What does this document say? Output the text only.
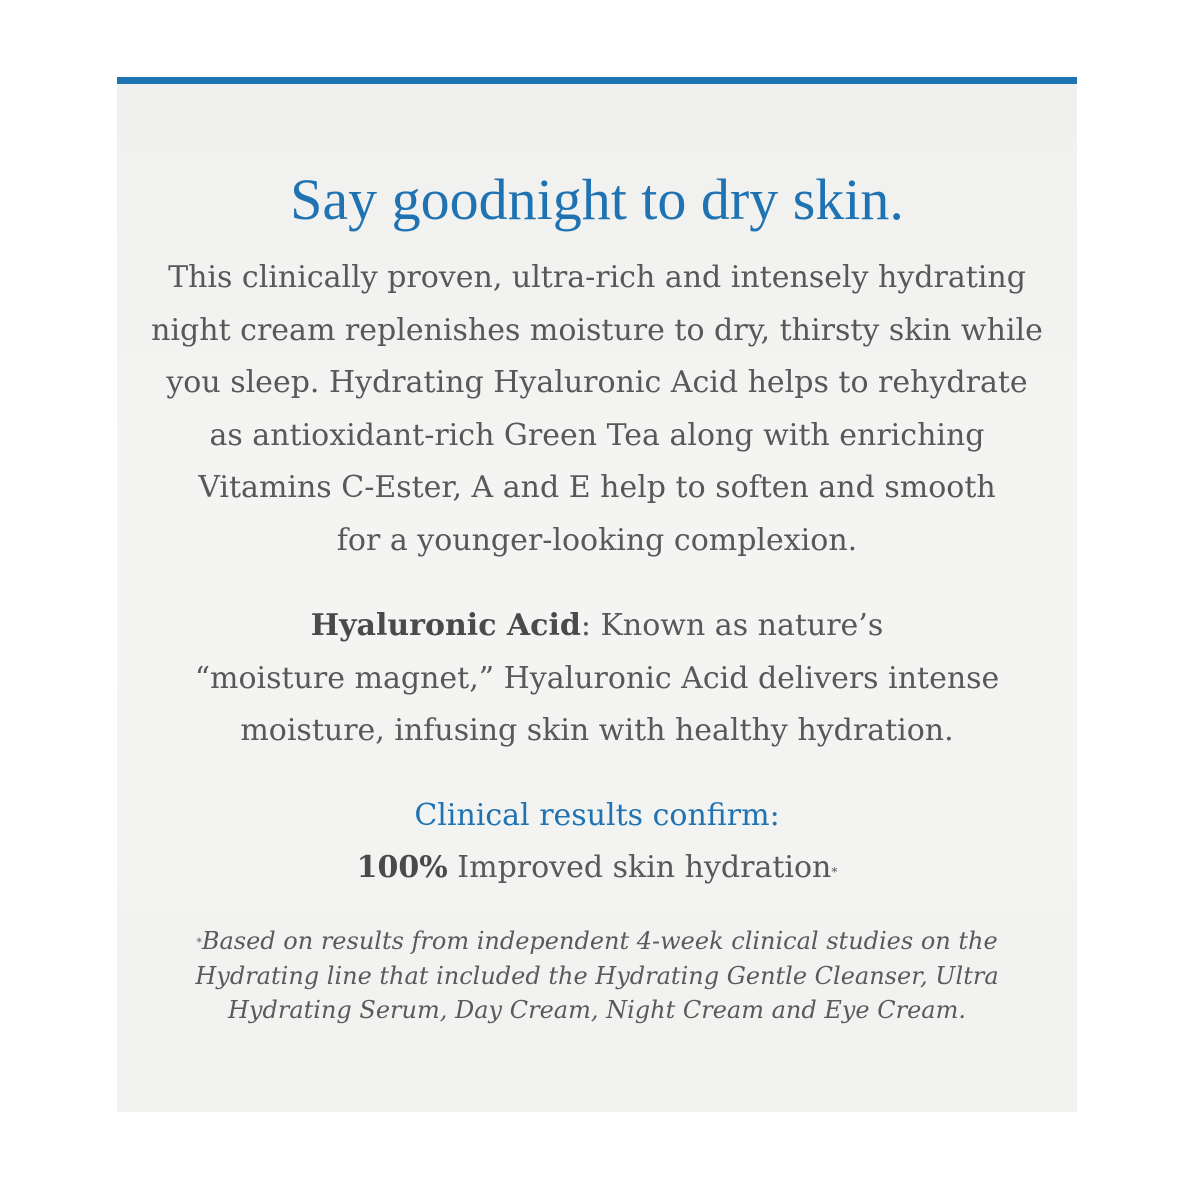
Say goodnight to dry skin.

This clinically proven, ultra-rich and intensely hydrating
night cream replenishes moisture to dry, thirsty skin while
you sleep. Hydrating Hyaluronic Acid helps to rehydrate
as antioxidant-rich Green Tea along with enriching
Vitamins C-Ester, A and E help to soften and smooth
for a younger-looking complexion.

Hyaluronic Acid: Known as nature’s
“moisture magnet,” Hyaluronic Acid delivers intense
moisture, infusing skin with healthy hydration.

Clinical results confirm:

100% Improved skin hydration*

*Based on results from independent 4-week clinical studies on the
Hydrating line that included the Hydrating Gentle Cleanser, Ultra
Hydrating Serum, Day Cream, Night Cream and Eye Cream.
